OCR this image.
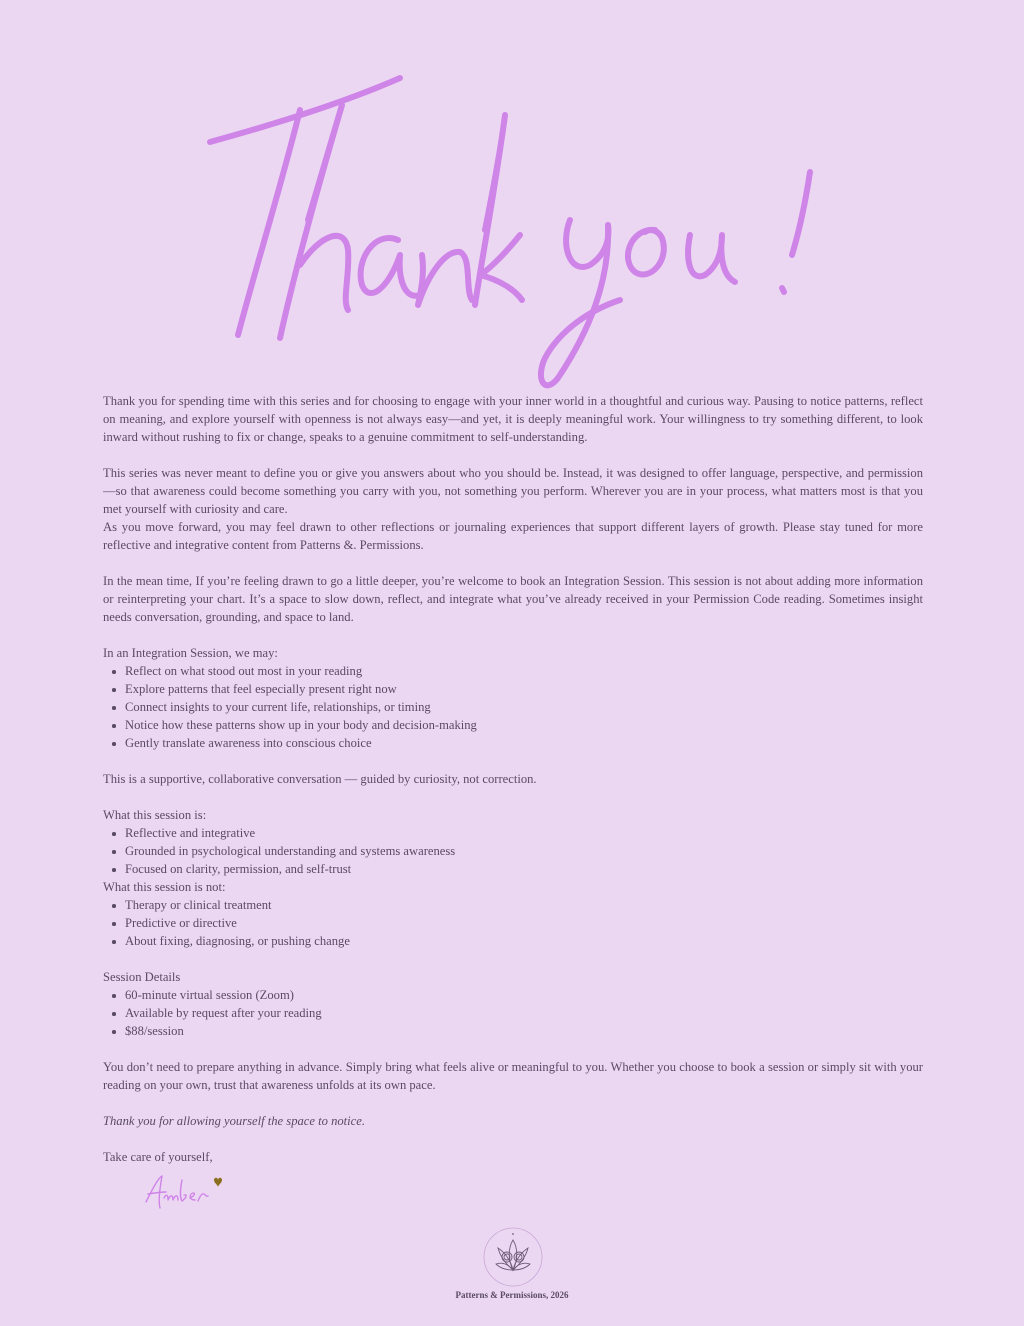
Thank you for spending time with this series and for choosing to engage with your inner world in a thoughtful and curious way. Pausing to notice patterns, reflect on meaning, and explore yourself with openness is not always easy—and yet, it is deeply meaningful work. Your willingness to try something different, to look inward without rushing to fix or change, speaks to a genuine commitment to self-understanding.

This series was never meant to define you or give you answers about who you should be. Instead, it was designed to offer language, perspective, and permission—so that awareness could become something you carry with you, not something you perform. Wherever you are in your process, what matters most is that you met yourself with curiosity and care.

As you move forward, you may feel drawn to other reflections or journaling experiences that support different layers of growth. Please stay tuned for more reflective and integrative content from Patterns &. Permissions.

In the mean time, If you’re feeling drawn to go a little deeper, you’re welcome to book an Integration Session. This session is not about adding more information or reinterpreting your chart. It’s a space to slow down, reflect, and integrate what you’ve already received in your Permission Code reading. Sometimes insight needs conversation, grounding, and space to land.

In an Integration Session, we may:

Reflect on what stood out most in your reading
Explore patterns that feel especially present right now
Connect insights to your current life, relationships, or timing
Notice how these patterns show up in your body and decision-making
Gently translate awareness into conscious choice

This is a supportive, collaborative conversation — guided by curiosity, not correction.

What this session is:

Reflective and integrative
Grounded in psychological understanding and systems awareness
Focused on clarity, permission, and self-trust

What this session is not:

Therapy or clinical treatment
Predictive or directive
About fixing, diagnosing, or pushing change

Session Details

60-minute virtual session (Zoom)
Available by request after your reading
$88/session

You don’t need to prepare anything in advance. Simply bring what feels alive or meaningful to you. Whether you choose to book a session or simply sit with your reading on your own, trust that awareness unfolds at its own pace.

Thank you for allowing yourself the space to notice.

Take care of yourself,

Patterns & Permissions, 2026
